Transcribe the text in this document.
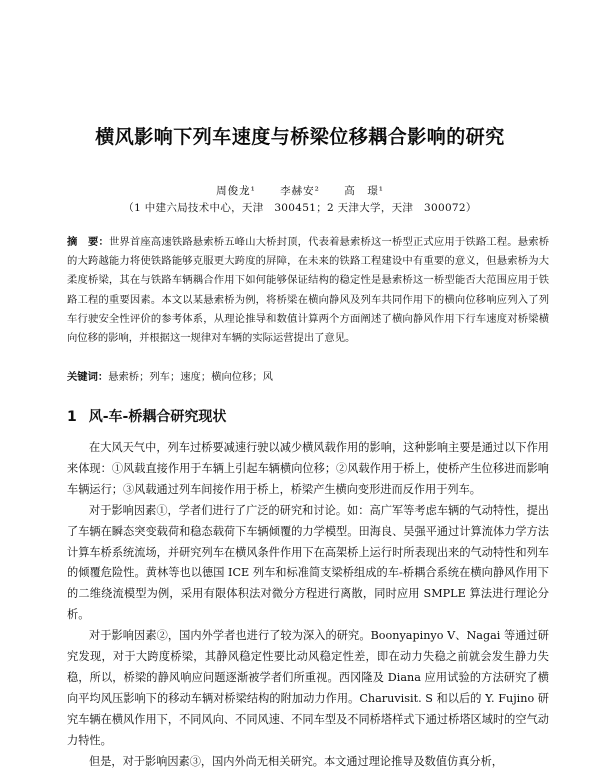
横风影响下列车速度与桥梁位移耦合影响的研究
周俊龙¹ 李赫安² 高　璟¹
（1 中建六局技术中心，天津　300451；2 天津大学，天津　300072）
摘　要：世界首座高速铁路悬索桥五峰山大桥封顶，代表着悬索桥这一桥型正式应用于铁路工程。悬索桥的大跨越能力将使铁路能够克服更大跨度的屏障，在未来的铁路工程建设中有重要的意义，但悬索桥为大柔度桥梁，其在与铁路车辆耦合作用下如何能够保证结构的稳定性是悬索桥这一桥型能否大范围应用于铁路工程的重要因素。本文以某悬索桥为例，将桥梁在横向静风及列车共同作用下的横向位移响应列入了列车行驶安全性评价的参考体系，从理论推导和数值计算两个方面阐述了横向静风作用下行车速度对桥梁横向位移的影响，并根据这一规律对车辆的实际运营提出了意见。
关键词：悬索桥；列车；速度；横向位移；风
1 风-车-桥耦合研究现状

在大风天气中，列车过桥要减速行驶以减少横风载作用的影响，这种影响主要是通过以下作用来体现：①风载直接作用于车辆上引起车辆横向位移；②风载作用于桥上，使桥产生位移进而影响车辆运行；③风载通过列车间接作用于桥上，桥梁产生横向变形进而反作用于列车。

对于影响因素①，学者们进行了广泛的研究和讨论。如：高广军等考虑车辆的气动特性，提出了车辆在瞬态突变载荷和稳态载荷下车辆倾覆的力学模型。田海良、吴强平通过计算流体力学方法计算车桥系统流场，并研究列车在横风条件作用下在高架桥上运行时所表现出来的气动特性和列车的倾覆危险性。黄林等也以德国 ICE 列车和标准简支梁桥组成的车-桥耦合系统在横向静风作用下的二维绕流模型为例，采用有限体积法对微分方程进行离散，同时应用 SMPLE 算法进行理论分析。

对于影响因素②，国内外学者也进行了较为深入的研究。Boonyapinyo V、Nagai 等通过研究发现，对于大跨度桥梁，其静风稳定性要比动风稳定性差，即在动力失稳之前就会发生静力失稳，所以，桥梁的静风响应问题逐渐被学者们所重视。西冈隆及 Diana 应用试验的方法研究了横向平均风压影响下的移动车辆对桥梁结构的附加动力作用。Charuvisit. S 和以后的 Y. Fujino 研究车辆在横风作用下，不同风向、不同风速、不同车型及不同桥塔样式下通过桥塔区域时的空气动力特性。

但是，对于影响因素③，国内外尚无相关研究。本文通过理论推导及数值仿真分析，
